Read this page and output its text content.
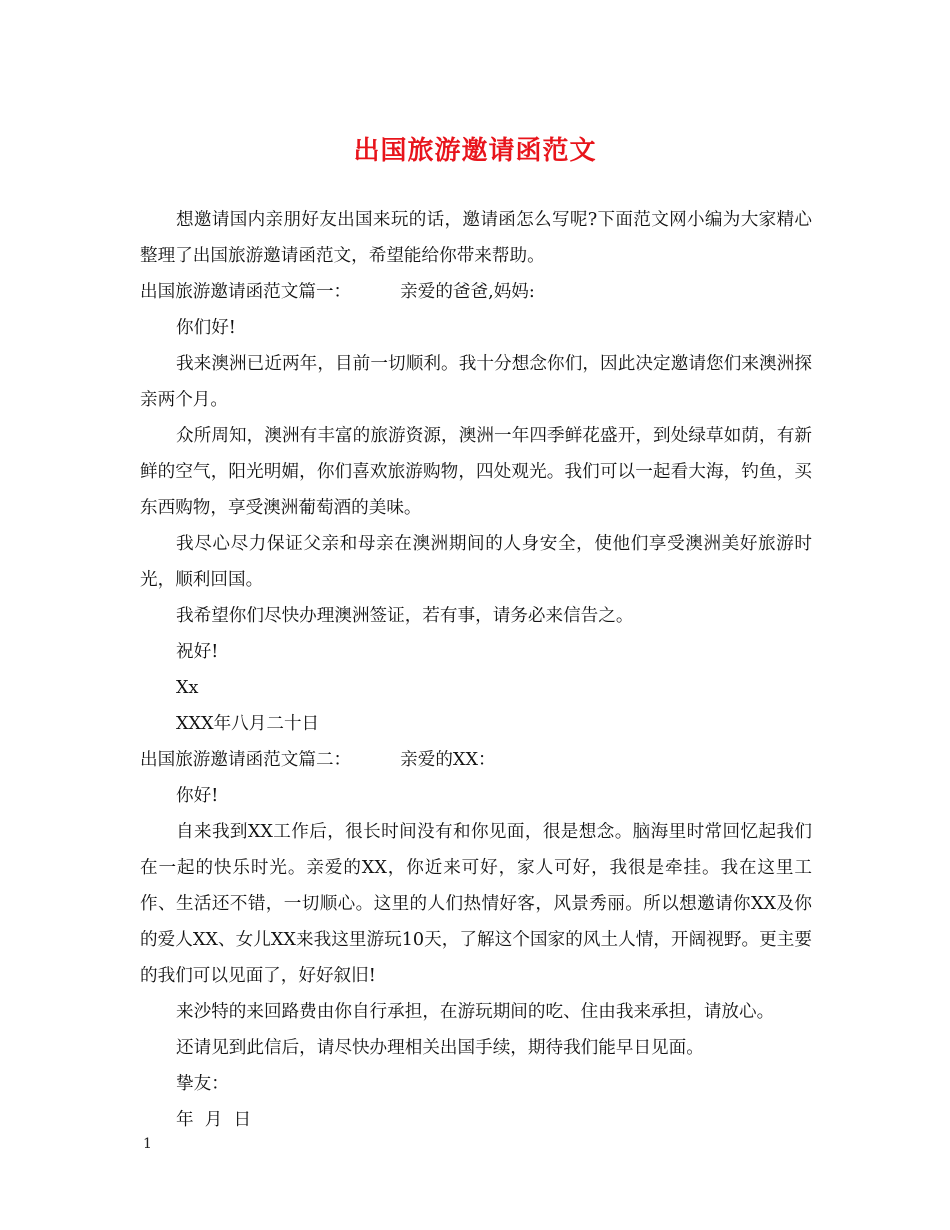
出国旅游邀请函范文

想邀请国内亲朋好友出国来玩的话，邀请函怎么写呢?下面范文网小编为大家精心整理了出国旅游邀请函范文，希望能给你带来帮助。

出国旅游邀请函范文篇一：	亲爱的爸爸,妈妈:

你们好!

我来澳洲已近两年，目前一切顺利。我十分想念你们，因此决定邀请您们来澳洲探亲两个月。

众所周知，澳洲有丰富的旅游资源，澳洲一年四季鲜花盛开，到处绿草如荫，有新鲜的空气，阳光明媚，你们喜欢旅游购物，四处观光。我们可以一起看大海，钓鱼，买东西购物，享受澳洲葡萄酒的美味。

我尽心尽力保证父亲和母亲在澳洲期间的人身安全，使他们享受澳洲美好旅游时光，顺利回国。

我希望你们尽快办理澳洲签证，若有事，请务必来信告之。

祝好!

Xx

XXX年八月二十日

出国旅游邀请函范文篇二：	亲爱的XX：

你好!

自来我到XX工作后，很长时间没有和你见面，很是想念。脑海里时常回忆起我们在一起的快乐时光。亲爱的XX，你近来可好，家人可好，我很是牵挂。我在这里工作、生活还不错，一切顺心。这里的人们热情好客，风景秀丽。所以想邀请你XX及你的爱人XX、女儿XX来我这里游玩10天，了解这个国家的风土人情，开阔视野。更主要的我们可以见面了，好好叙旧!

来沙特的来回路费由你自行承担，在游玩期间的吃、住由我来承担，请放心。

还请见到此信后，请尽快办理相关出国手续，期待我们能早日见面。

挚友：

年  月  日

1
